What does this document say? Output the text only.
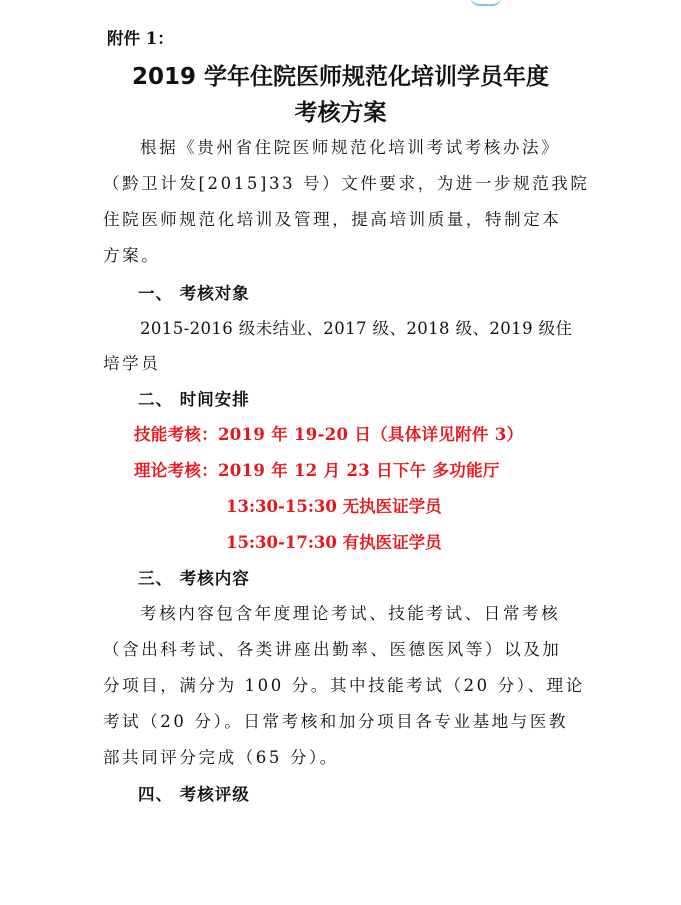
附件 1：
2019 学年住院医师规范化培训学员年度
考核方案
根据《贵州省住院医师规范化培训考试考核办法》
（黔卫计发[2015]33 号）文件要求，为进一步规范我院
住院医师规范化培训及管理，提高培训质量，特制定本
方案。
一、 考核对象
2015-2016 级未结业、2017 级、2018 级、2019 级住
培学员
二、 时间安排
技能考核：2019 年 19-20 日（具体详见附件 3）
理论考核：2019 年 12 月 23 日下午 多功能厅
13:30-15:30 无执医证学员
15:30-17:30 有执医证学员
三、 考核内容
考核内容包含年度理论考试、技能考试、日常考核
（含出科考试、各类讲座出勤率、医德医风等）以及加
分项目，满分为 100 分。其中技能考试（20 分）、理论
考试（20 分）。日常考核和加分项目各专业基地与医教
部共同评分完成（65 分）。
四、 考核评级
